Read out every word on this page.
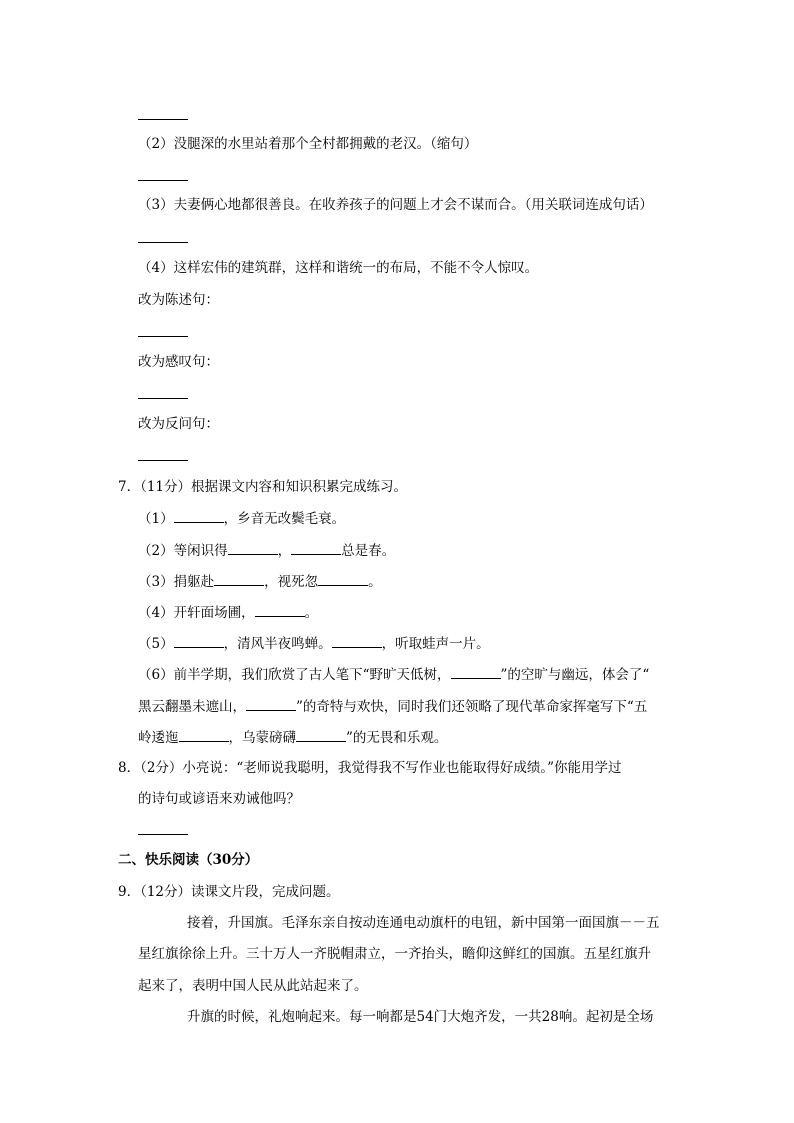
（2）没腿深的水里站着那个全村都拥戴的老汉。（缩句）
（3）夫妻俩心地都很善良。在收养孩子的问题上才会不谋而合。（用关联词连成句话）
（4）这样宏伟的建筑群，这样和谐统一的布局，不能不令人惊叹。
改为陈述句：
改为感叹句：
改为反问句：
7．（11分）根据课文内容和知识积累完成练习。
（1）	，乡音无改鬓毛衰。
（2）等闲识得	，	总是春。
（3）捐躯赴	，视死忽	。
（4）开轩面场圃，	。
（5）	，清风半夜鸣蝉。	，听取蛙声一片。
（6）前半学期，我们欣赏了古人笔下“野旷天低树，	”的空旷与幽远，体会了“
黑云翻墨未遮山，	”的奇特与欢快，同时我们还领略了现代革命家挥毫写下“五
岭逶迤	，乌蒙磅礴	”的无畏和乐观。
8．（2分）小亮说：“老师说我聪明，我觉得我不写作业也能取得好成绩。”你能用学过
的诗句或谚语来劝诫他吗？
二、快乐阅读（30分）
9．（12分）读课文片段，完成问题。
接着，升国旗。毛泽东亲自按动连通电动旗杆的电钮，新中国第一面国旗－－五
星红旗徐徐上升。三十万人一齐脱帽肃立，一齐抬头，瞻仰这鲜红的国旗。五星红旗升
起来了，表明中国人民从此站起来了。
升旗的时候，礼炮响起来。每一响都是54门大炮齐发，一共28响。起初是全场
